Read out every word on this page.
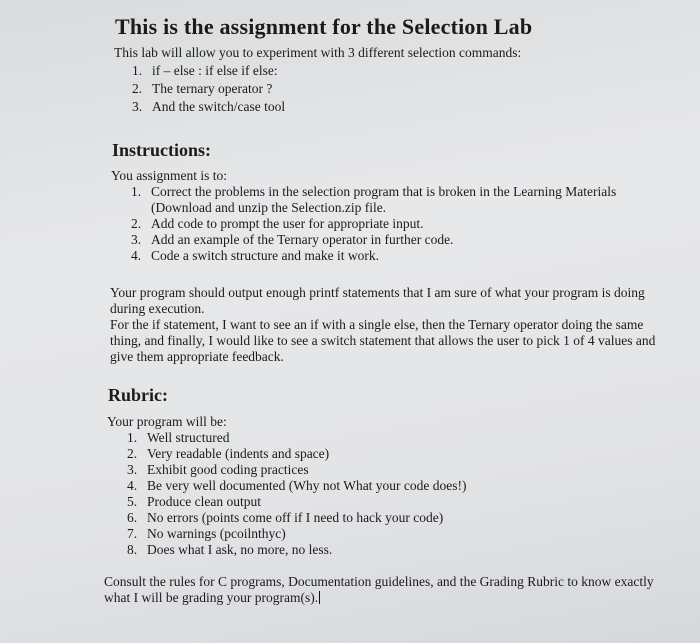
This is the assignment for the Selection Lab

This lab will allow you to experiment with 3 different selection commands:

1. if – else : if else if else:
2. The ternary operator ?
3. And the switch/case tool
Instructions:

You assignment is to:

1. Correct the problems in the selection program that is broken in the Learning Materials (Download and unzip the Selection.zip file.
2. Add code to prompt the user for appropriate input.
3. Add an example of the Ternary operator in further code.
4. Code a switch structure and make it work.

Your program should output enough printf statements that I am sure of what your program is doing during execution.

For the if statement, I want to see an if with a single else, then the Ternary operator doing the same thing, and finally, I would like to see a switch statement that allows the user to pick 1 of 4 values and give them appropriate feedback.

Rubric:

Your program will be:

1. Well structured
2. Very readable (indents and space)
3. Exhibit good coding practices
4. Be very well documented (Why not What your code does!)
5. Produce clean output
6. No errors (points come off if I need to hack your code)
7. No warnings (pcoilnthyc)
8. Does what I ask, no more, no less.

Consult the rules for C programs, Documentation guidelines, and the Grading Rubric to know exactly what I will be grading your program(s).
